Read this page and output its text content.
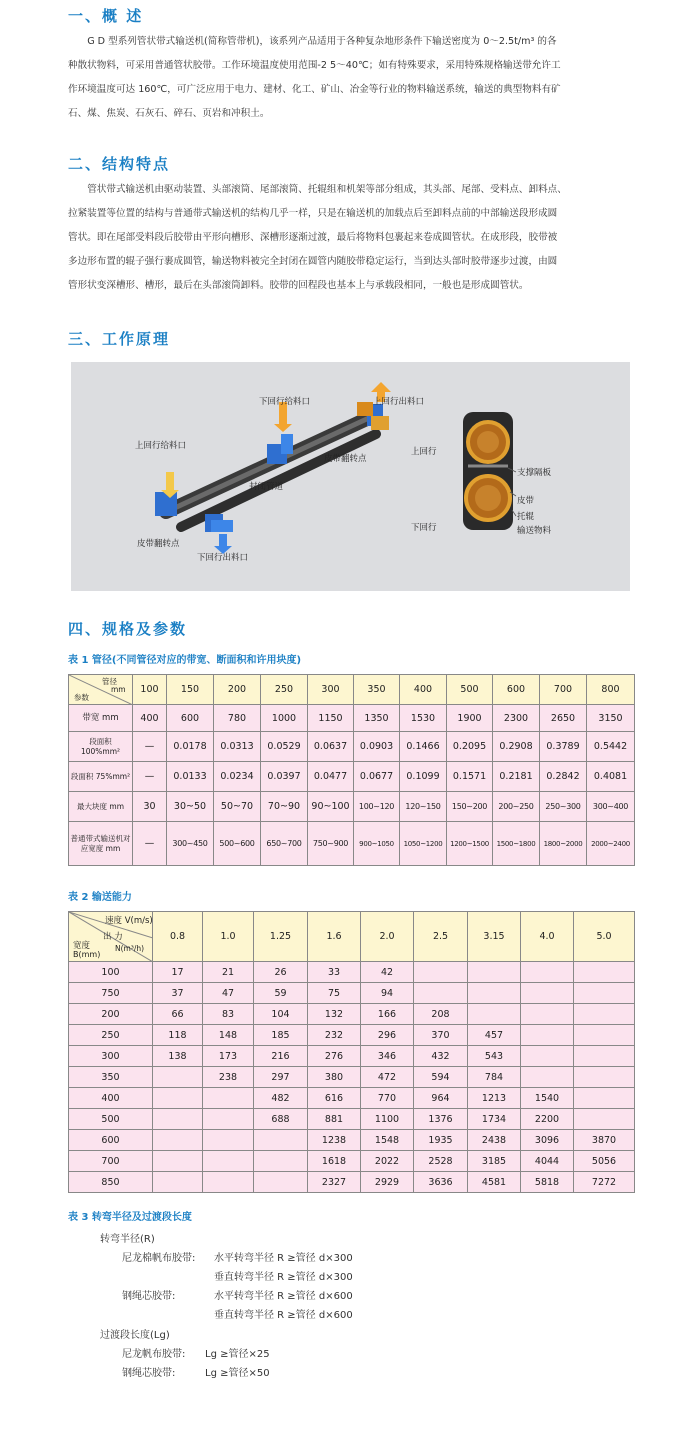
一、概 述
G D 型系列管状带式输送机(简称管带机)，该系列产品适用于各种复杂地形条件下输送密度为 0～2.5t/m³ 的各
种散状物料，可采用普通管状胶带。工作环境温度使用范围-2 5～40℃；如有特殊要求，采用特殊规格输送带允许工
作环境温度可达 160℃，可广泛应用于电力、建材、化工、矿山、冶金等行业的物料输送系统，输送的典型物料有矿
石、煤、焦炭、石灰石、碎石、页岩和冲积土。
二、结构特点
管状带式输送机由驱动装置、头部滚筒、尾部滚筒、托辊组和机架等部分组成，其头部、尾部、受料点、卸料点、
拉紧装置等位置的结构与普通带式输送机的结构几乎一样，只是在输送机的加载点后至卸料点前的中部输送段形成圆
管状。即在尾部受料段后胶带由平形向槽形、深槽形逐渐过渡，最后将物料包裹起来卷成圆管状。在成形段，胶带被
多边形布置的辊子强行裹成圆管，输送物料被完全封闭在圆管内随胶带稳定运行，当到达头部时胶带逐步过渡，由圆
管形状变深槽形、槽形，最后在头部滚筒卸料。胶带的回程段也基本上与承载段相同，一般也是形成圆管状。
三、工作原理
下回行给料口	上回行出料口
上回行给料口
皮带翻转点
封闭管道
皮带翻转点
下回行出料口
上回行
支撑隔板
皮带
托辊
输送物料
下回行
四、规格及参数
表 1 管径(不同管径对应的带宽、断面积和许用块度)
管径
mm
参数	100	150	200	250	300	350	400	500	600	700	800
带宽 mm	400	600	780	1000	1150	1350	1530	1900	2300	2650	3150
段面积 100%mm²	—	0.0178	0.0313	0.0529	0.0637	0.0903	0.1466	0.2095	0.2908	0.3789	0.5442
段面积 75%mm²	—	0.0133	0.0234	0.0397	0.0477	0.0677	0.1099	0.1571	0.2181	0.2842	0.4081
最大块度 mm	30	30~50	50~70	70~90	90~100	100~120	120~150	150~200	200~250	250~300	300~400
普通带式输送机对应宽度 mm	—	300~450	500~600	650~700	750~900	900~1050	1050~1200	1200~1500	1500~1800	1800~2000	2000~2400
表 2 输送能力
速度 V(m/s)
出 力
N(m³/h)
宽度
B(mm)	0.8	1.0	1.25	1.6	2.0	2.5	3.15	4.0	5.0
100	17	21	26	33	42				
750	37	47	59	75	94				
200	66	83	104	132	166	208			
250	118	148	185	232	296	370	457		
300	138	173	216	276	346	432	543		
350		238	297	380	472	594	784		
400			482	616	770	964	1213	1540	
500			688	881	1100	1376	1734	2200	
600				1238	1548	1935	2438	3096	3870
700				1618	2022	2528	3185	4044	5056
850				2327	2929	3636	4581	5818	7272
表 3 转弯半径及过渡段长度
转弯半径(R)
尼龙棉帆布胶带: 水平转弯半径 R ≥管径 d×300
垂直转弯半径 R ≥管径 d×300
钢绳芯胶带:	水平转弯半径 R ≥管径 d×600
垂直转弯半径 R ≥管径 d×600
过渡段长度(Lg)
尼龙帆布胶带: Lg ≥管径×25
钢绳芯胶带:	Lg ≥管径×50
